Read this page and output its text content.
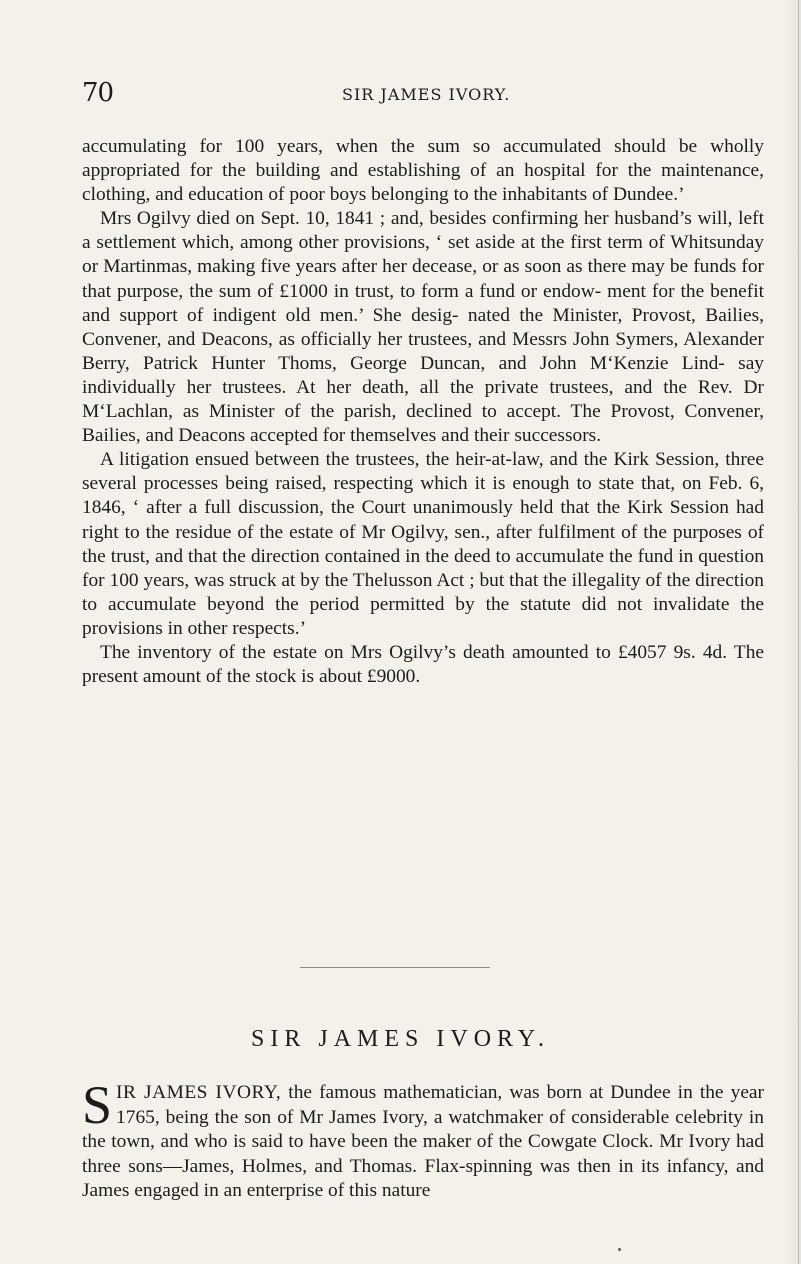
70	SIR JAMES IVORY.

accumulating for 100 years, when the sum so accumulated should be wholly appropriated for the building and establishing of an hospital for the maintenance, clothing, and education of poor boys belonging to the inhabitants of Dundee.’

Mrs Ogilvy died on Sept. 10, 1841 ; and, besides confirming her husband’s will, left a settlement which, among other provisions, ‘ set aside at the first term of Whitsunday or Martinmas, making five years after her decease, or as soon as there may be funds for that purpose, the sum of £1000 in trust, to form a fund or endow- ment for the benefit and support of indigent old men.’ She desig- nated the Minister, Provost, Bailies, Convener, and Deacons, as officially her trustees, and Messrs John Symers, Alexander Berry, Patrick Hunter Thoms, George Duncan, and John M‘Kenzie Lind- say individually her trustees. At her death, all the private trustees, and the Rev. Dr M‘Lachlan, as Minister of the parish, declined to accept. The Provost, Convener, Bailies, and Deacons accepted for themselves and their successors.

A litigation ensued between the trustees, the heir-at-law, and the Kirk Session, three several processes being raised, respecting which it is enough to state that, on Feb. 6, 1846, ‘ after a full discussion, the Court unanimously held that the Kirk Session had right to the residue of the estate of Mr Ogilvy, sen., after fulfilment of the purposes of the trust, and that the direction contained in the deed to accumulate the fund in question for 100 years, was struck at by the Thelusson Act ; but that the illegality of the direction to accumulate beyond the period permitted by the statute did not invalidate the provisions in other respects.’

The inventory of the estate on Mrs Ogilvy’s death amounted to £4057 9s. 4d. The present amount of the stock is about £9000.

SIR JAMES IVORY.
SIR JAMES IVORY, the famous mathematician, was born at Dundee in the year 1765, being the son of Mr James Ivory, a watchmaker of considerable celebrity in the town, and who is said to have been the maker of the Cowgate Clock. Mr Ivory had three sons—James, Holmes, and Thomas. Flax-spinning was then in its infancy, and James engaged in an enterprise of this nature
